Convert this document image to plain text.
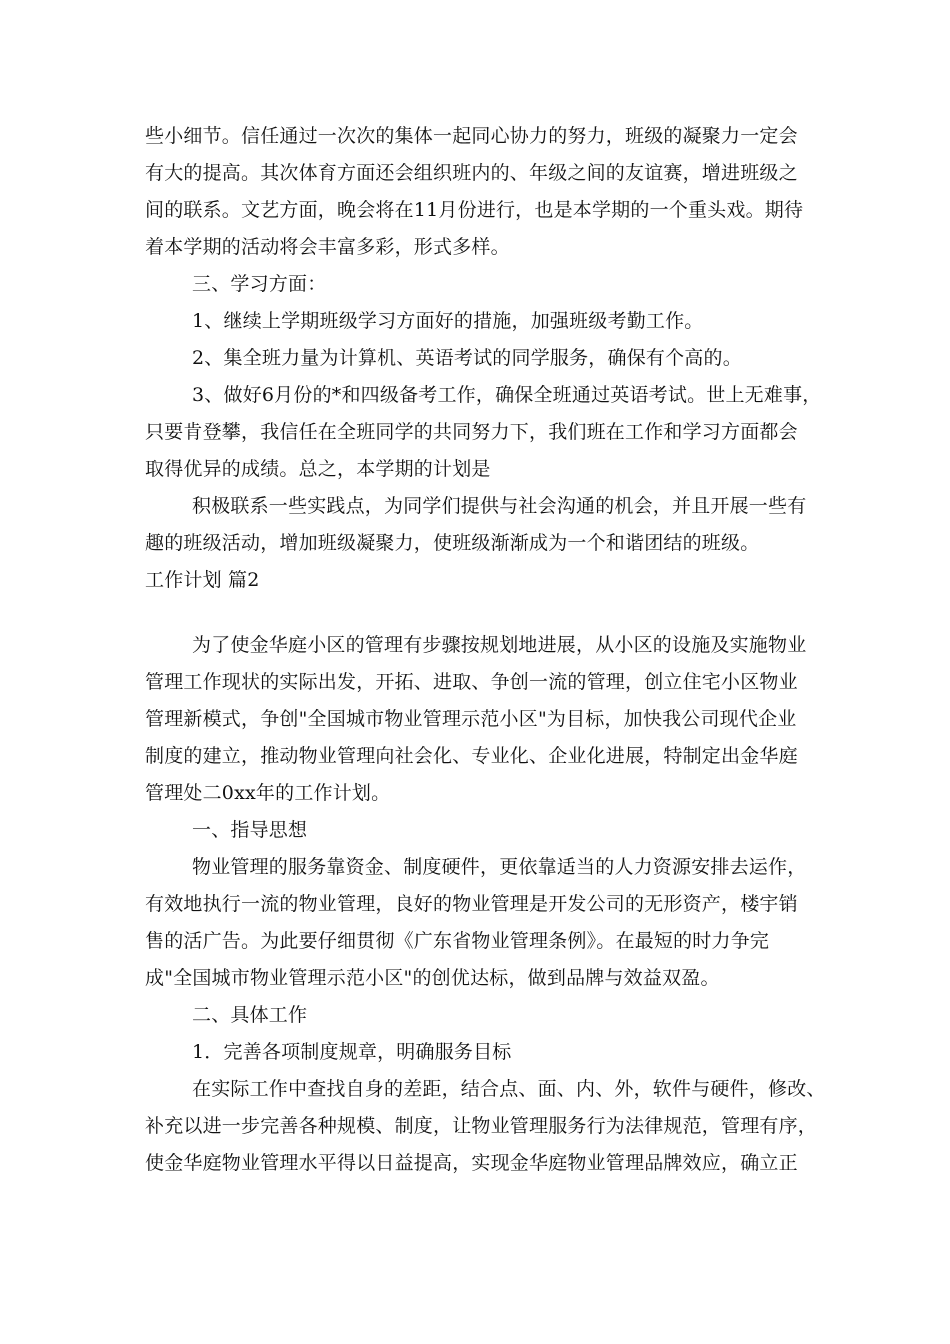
些小细节。信任通过一次次的集体一起同心协力的努力，班级的凝聚力一定会
有大的提高。其次体育方面还会组织班内的、年级之间的友谊赛，增进班级之
间的联系。文艺方面，晚会将在11月份进行，也是本学期的一个重头戏。期待
着本学期的活动将会丰富多彩，形式多样。
三、学习方面：
1、继续上学期班级学习方面好的措施，加强班级考勤工作。
2、集全班力量为计算机、英语考试的同学服务，确保有个高的。
3、做好6月份的*和四级备考工作，确保全班通过英语考试。世上无难事，
只要肯登攀，我信任在全班同学的共同努力下，我们班在工作和学习方面都会
取得优异的成绩。总之，本学期的计划是
积极联系一些实践点，为同学们提供与社会沟通的机会，并且开展一些有
趣的班级活动，增加班级凝聚力，使班级渐渐成为一个和谐团结的班级。
工作计划 篇2
为了使金华庭小区的管理有步骤按规划地进展，从小区的设施及实施物业
管理工作现状的实际出发，开拓、进取、争创一流的管理，创立住宅小区物业
管理新模式，争创"全国城市物业管理示范小区"为目标，加快我公司现代企业
制度的建立，推动物业管理向社会化、专业化、企业化进展，特制定出金华庭
管理处二0xx年的工作计划。
一、指导思想
物业管理的服务靠资金、制度硬件，更依靠适当的人力资源安排去运作，
有效地执行一流的物业管理，良好的物业管理是开发公司的无形资产，楼宇销
售的活广告。为此要仔细贯彻《广东省物业管理条例》。在最短的时力争完
成"全国城市物业管理示范小区"的创优达标，做到品牌与效益双盈。
二、具体工作
1．完善各项制度规章，明确服务目标
在实际工作中查找自身的差距，结合点、面、内、外，软件与硬件，修改、
补充以进一步完善各种规模、制度，让物业管理服务行为法律规范，管理有序，
使金华庭物业管理水平得以日益提高，实现金华庭物业管理品牌效应，确立正
